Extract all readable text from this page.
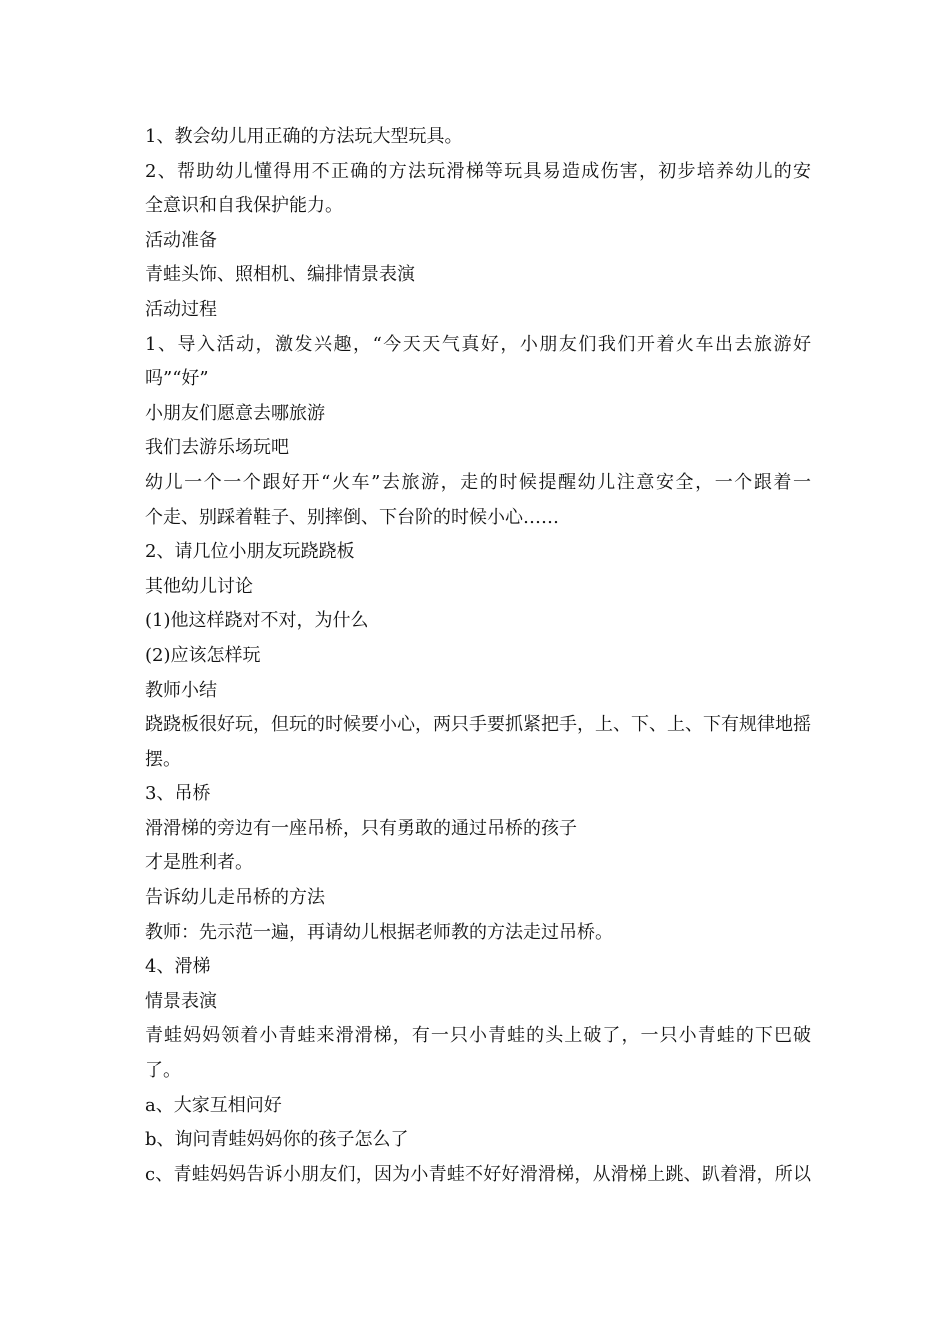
1、教会幼儿用正确的方法玩大型玩具。
2、帮助幼儿懂得用不正确的方法玩滑梯等玩具易造成伤害，初步培养幼儿的安
全意识和自我保护能力。
活动准备
青蛙头饰、照相机、编排情景表演
活动过程
1、导入活动，激发兴趣，“今天天气真好，小朋友们我们开着火车出去旅游好
吗”“好”
小朋友们愿意去哪旅游
我们去游乐场玩吧
幼儿一个一个跟好开“火车”去旅游，走的时候提醒幼儿注意安全，一个跟着一
个走、别踩着鞋子、别摔倒、下台阶的时候小心……
2、请几位小朋友玩跷跷板
其他幼儿讨论
(1)他这样跷对不对，为什么
(2)应该怎样玩
教师小结
跷跷板很好玩，但玩的时候要小心，两只手要抓紧把手，上、下、上、下有规律地摇
摆。
3、吊桥
滑滑梯的旁边有一座吊桥，只有勇敢的通过吊桥的孩子
才是胜利者。
告诉幼儿走吊桥的方法
教师：先示范一遍，再请幼儿根据老师教的方法走过吊桥。
4、滑梯
情景表演
青蛙妈妈领着小青蛙来滑滑梯，有一只小青蛙的头上破了，一只小青蛙的下巴破
了。
a、大家互相问好
b、询问青蛙妈妈你的孩子怎么了
c、青蛙妈妈告诉小朋友们，因为小青蛙不好好滑滑梯，从滑梯上跳、趴着滑，所以
